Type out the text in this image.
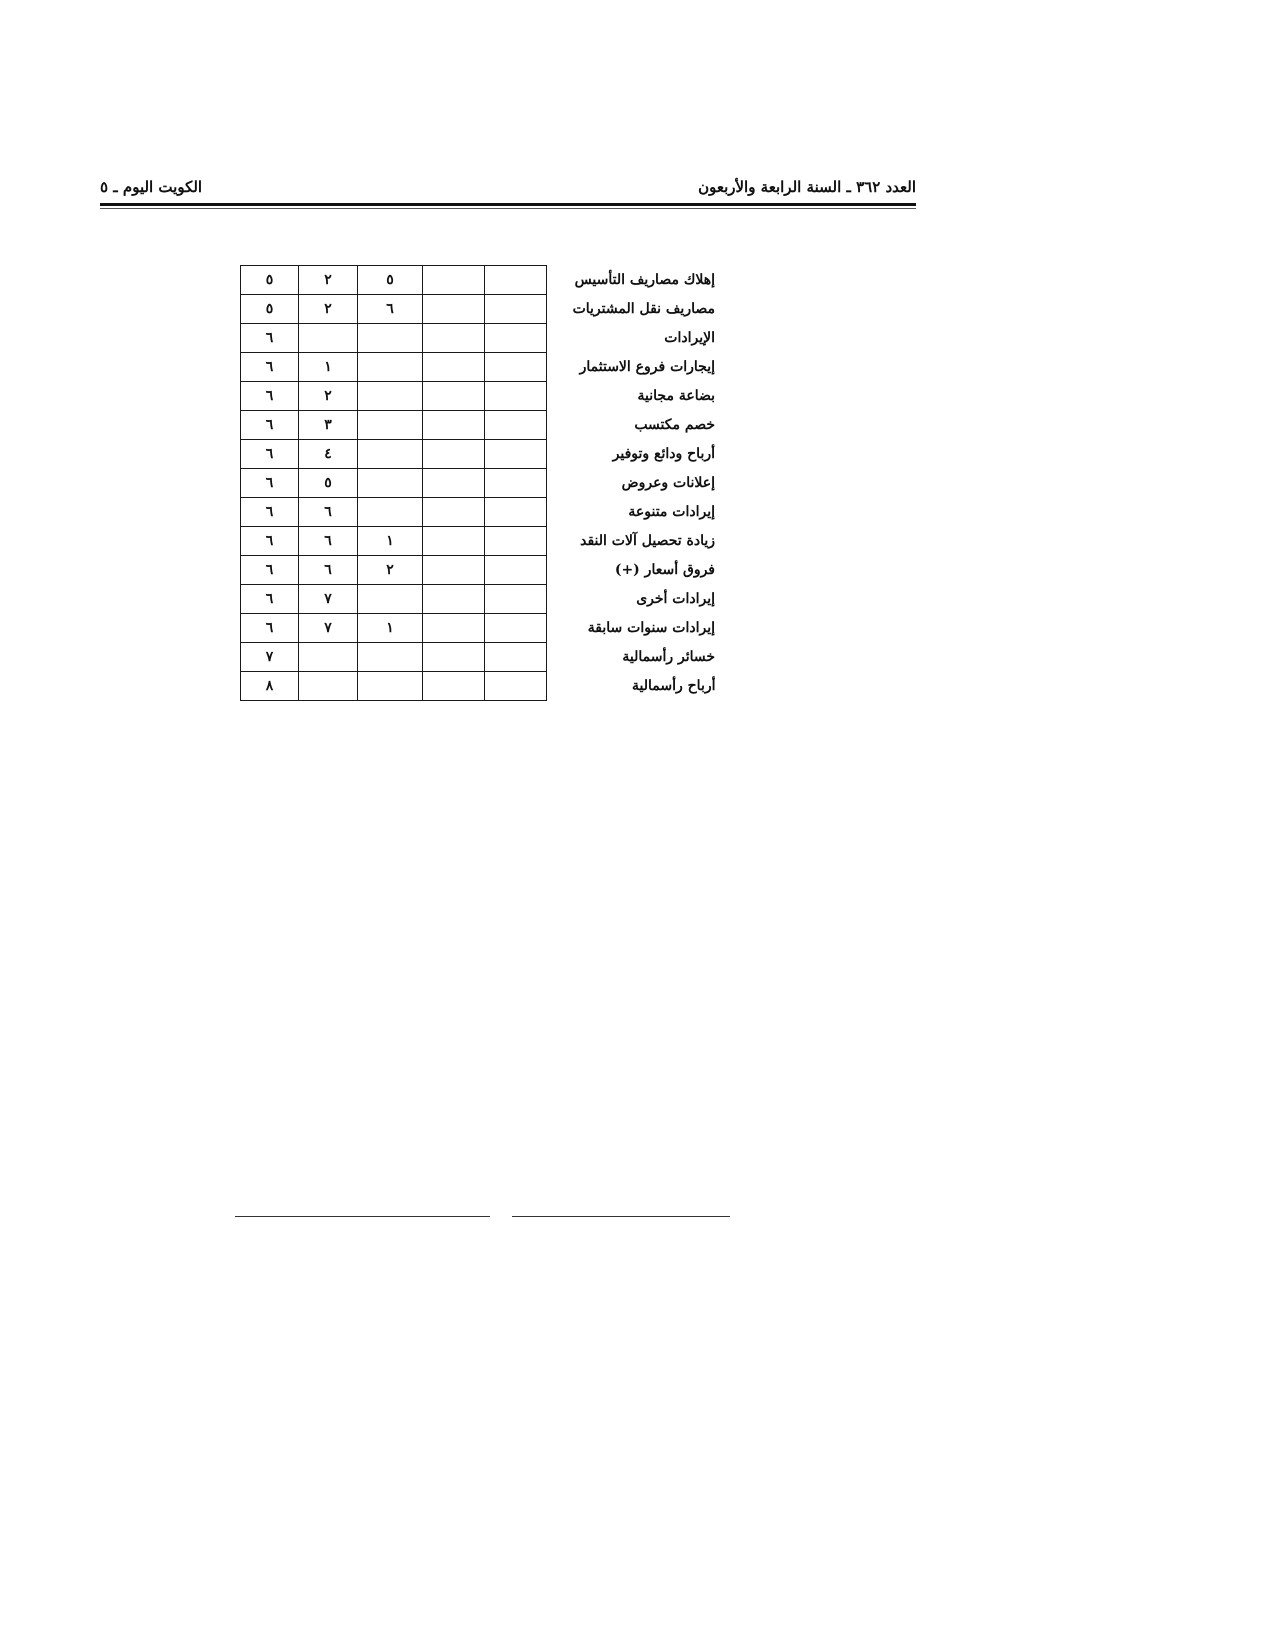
العدد ٣٦٢ ـ السنة الرابعة والأربعون
الكويت اليوم ـ ٥
٥	٢	٥			إهلاك مصاريف التأسيس
٥	٢	٦			مصاريف نقل المشتريات
٦					الإيرادات
٦	١				إيجارات فروع الاستثمار
٦	٢				بضاعة مجانية
٦	٣				خصم مكتسب
٦	٤				أرباح ودائع وتوفير
٦	٥				إعلانات وعروض
٦	٦				إيرادات متنوعة
٦	٦	١			زيادة تحصيل آلات النقد
٦	٦	٢			فروق أسعار (+)
٦	٧				إيرادات أخرى
٦	٧	١			إيرادات سنوات سابقة
٧					خسائر رأسمالية
٨					أرباح رأسمالية
